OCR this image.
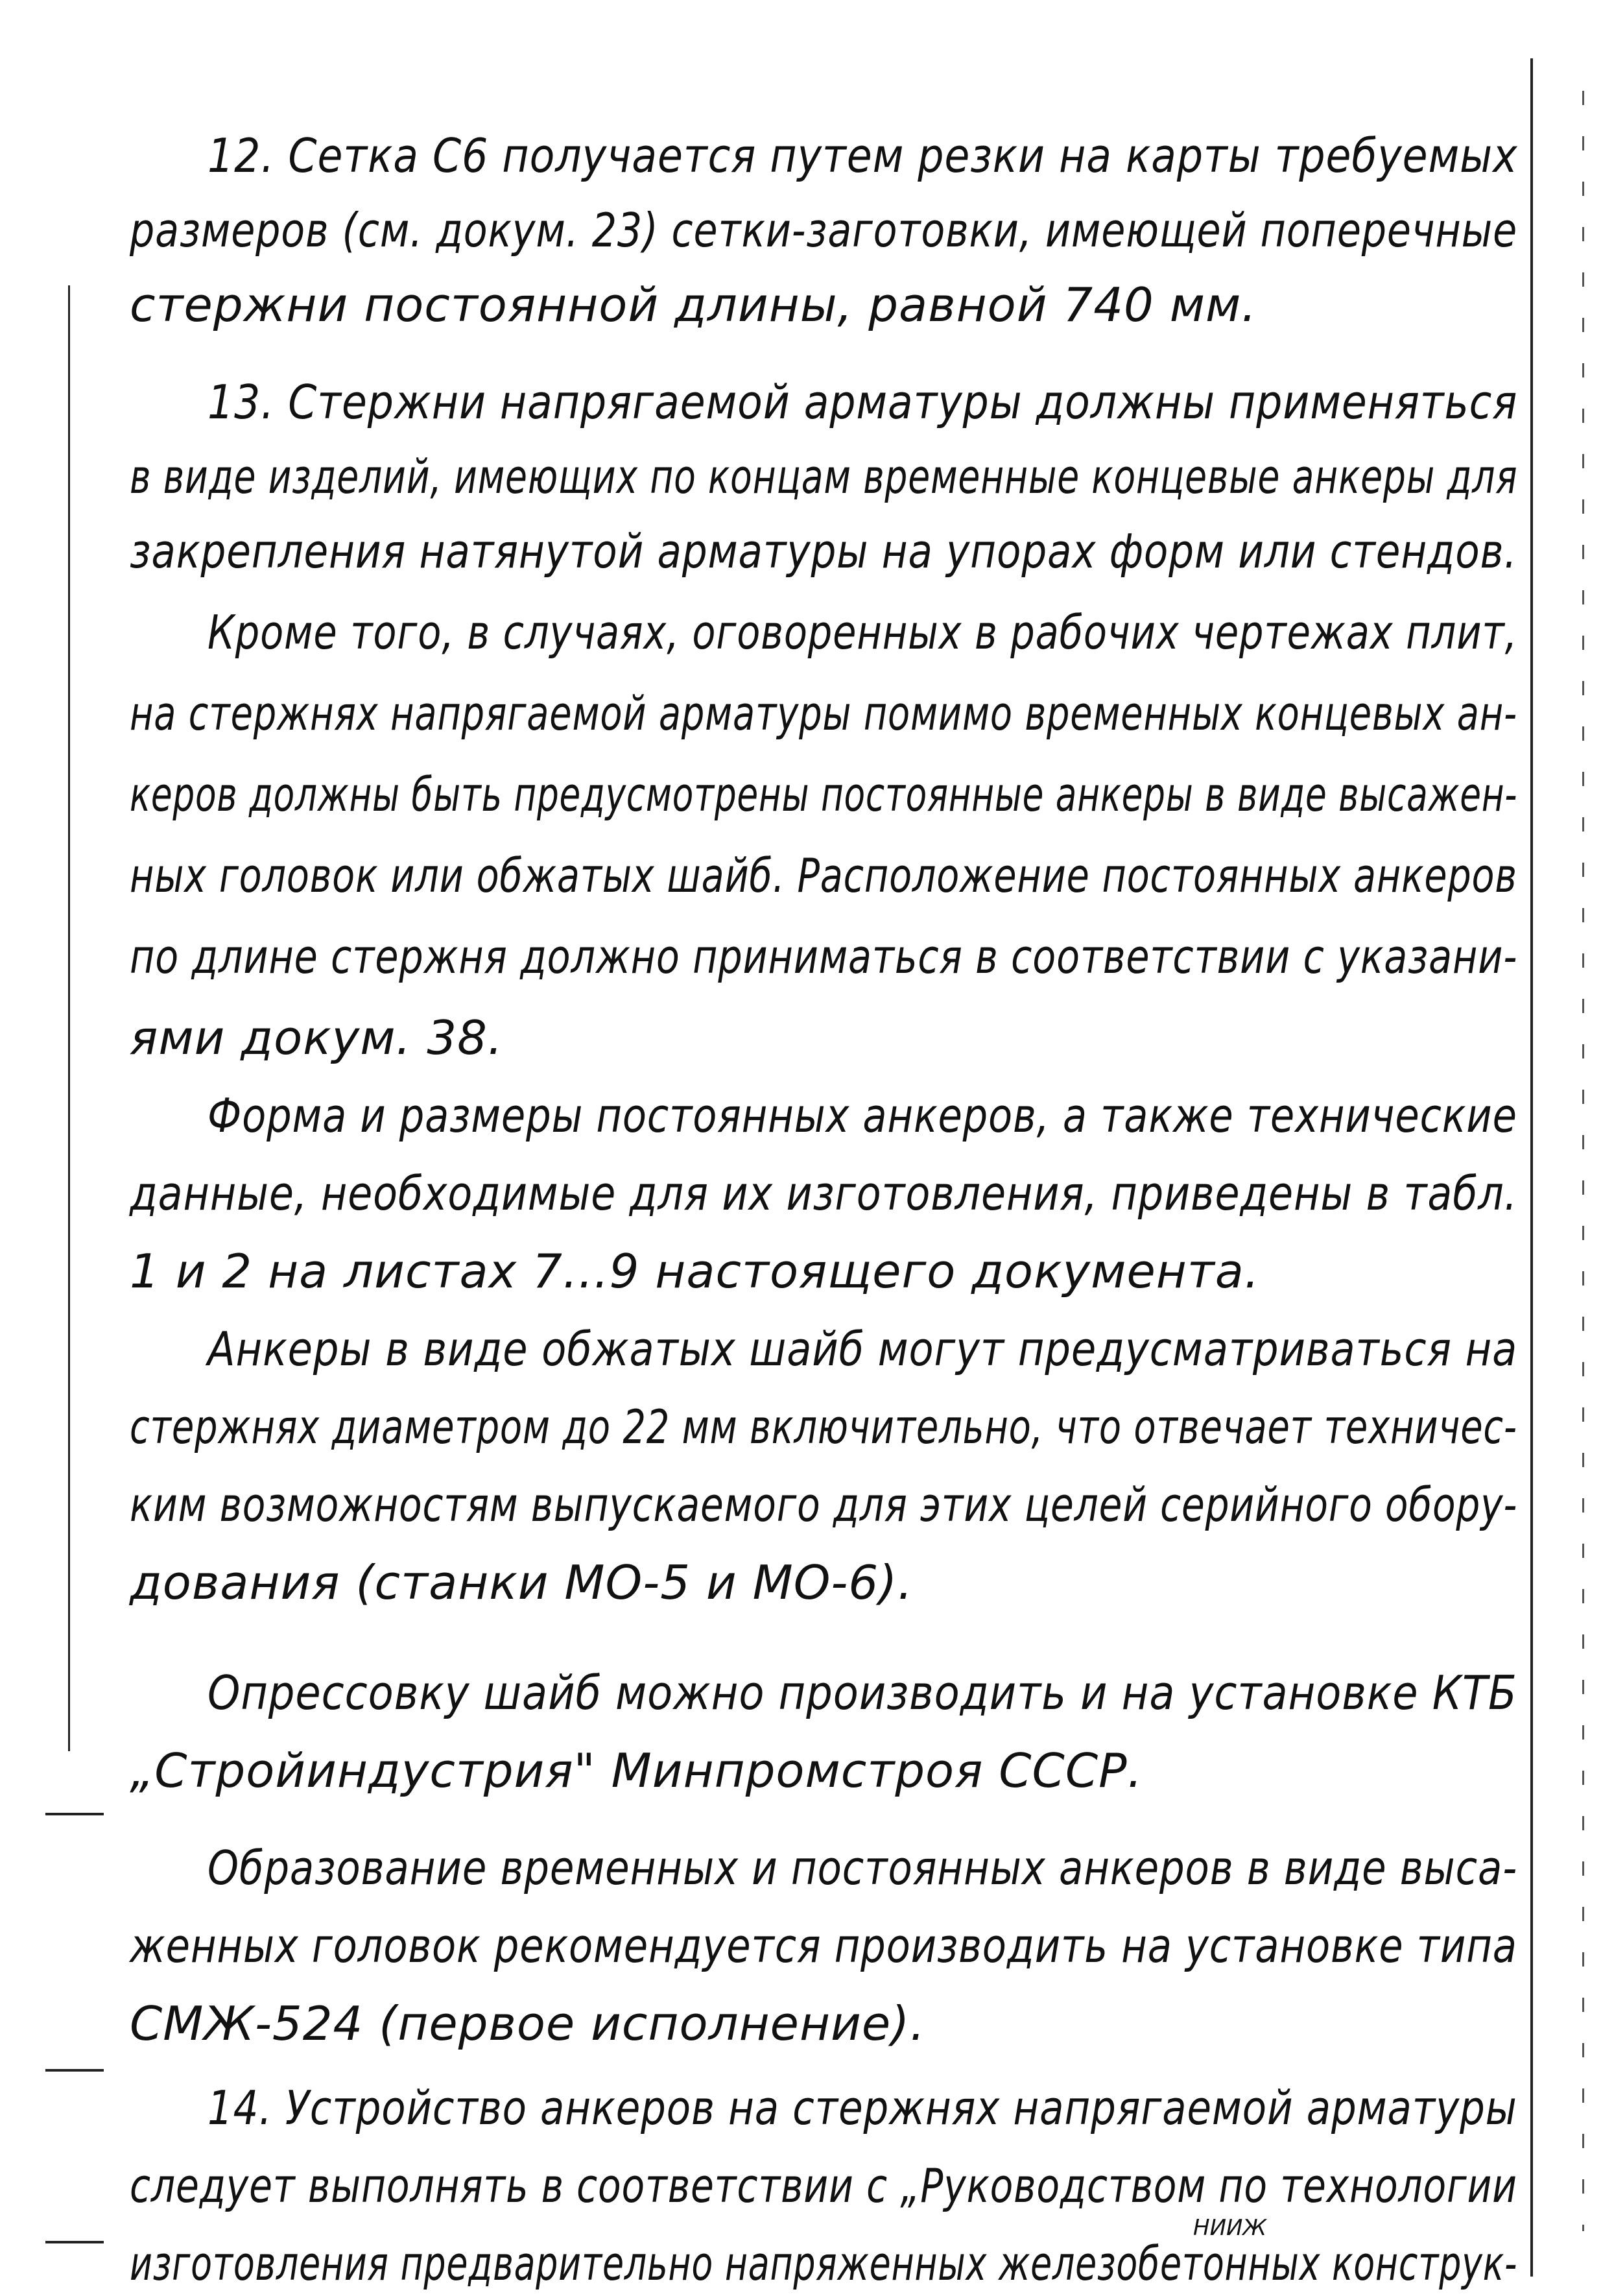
12. Сетка С6 получается путем резки на карты требуемых
размеров (см. докум. 23) сетки-заготовки, имеющей поперечные
стержни постоянной длины, равной 740 мм.
13. Стержни напрягаемой арматуры должны применяться
в виде изделий, имеющих по концам временные концевые анкеры для
закрепления натянутой арматуры на упорах форм или стендов.
Кроме того, в случаях, оговоренных в рабочих чертежах плит,
на стержнях напрягаемой арматуры помимо временных концевых ан-
керов должны быть предусмотрены постоянные анкеры в виде высажен-
ных головок или обжатых шайб. Расположение постоянных анкеров
по длине стержня должно приниматься в соответствии с указани-
ями докум. 38.
Форма и размеры постоянных анкеров, а также технические
данные, необходимые для их изготовления, приведены в табл.
1 и 2 на листах 7...9 настоящего документа.
Анкеры в виде обжатых шайб могут предусматриваться на
стержнях диаметром до 22 мм включительно, что отвечает техничес-
ким возможностям выпускаемого для этих целей серийного обору-
дования (станки МО-5 и МО-6).
Опрессовку шайб можно производить и на установке КТБ
„Стройиндустрия" Минпромстроя СССР.
Образование временных и постоянных анкеров в виде выса-
женных головок рекомендуется производить на установке типа
СМЖ-524 (первое исполнение).
14. Устройство анкеров на стержнях напрягаемой арматуры
следует выполнять в соответствии с „Руководством по технологии
изготовления предварительно напряженных железобетонных конструк-
НИИЖ
